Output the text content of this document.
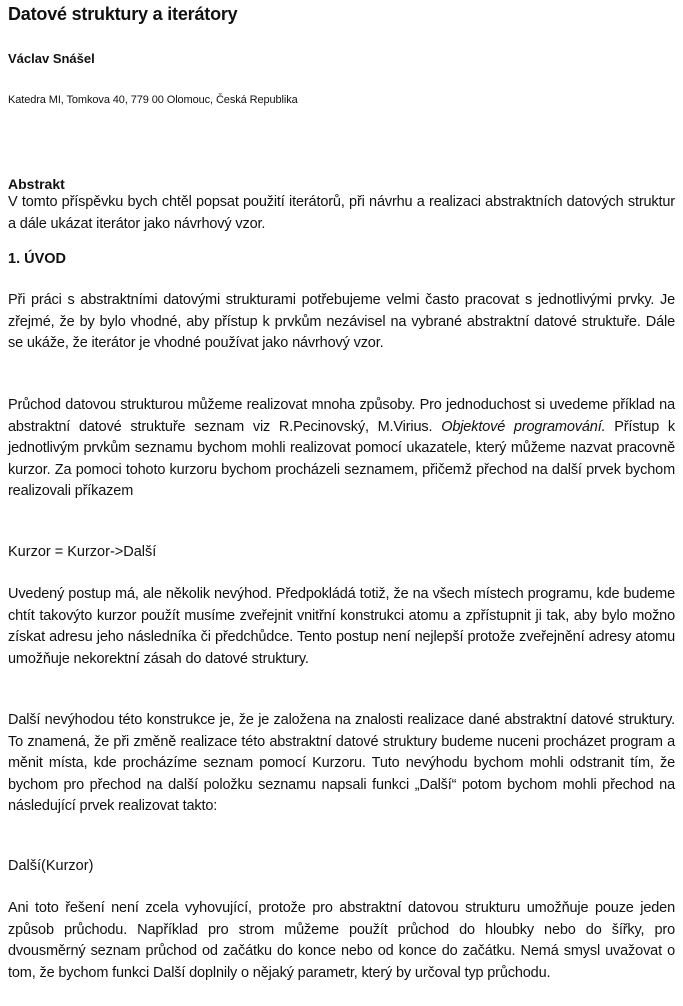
Datové struktury a iterátory
Václav Snášel
Katedra MI, Tomkova 40, 779 00 Olomouc, Česká Republika
Abstrakt
V tomto příspěvku bych chtěl popsat použití iterátorů, při návrhu a realizaci abstraktních datových struktur a dále ukázat iterátor jako návrhový vzor.
1. ÚVOD
Při práci s abstraktními datovými strukturami potřebujeme velmi často pracovat s jednotlivými prvky. Je zřejmé, že by bylo vhodné, aby přístup k prvkům nezávisel na vybrané abstraktní datové struktuře. Dále se ukáže, že iterátor je vhodné používat jako návrhový vzor.
Průchod datovou strukturou můžeme realizovat mnoha způsoby. Pro jednoduchost si uvedeme příklad na abstraktní datové struktuře seznam viz R.Pecinovský, M.Virius. Objektové programování. Přístup k jednotlivým prvkům seznamu bychom mohli realizovat pomocí ukazatele, který můžeme nazvat pracovně kurzor. Za pomoci tohoto kurzoru bychom procházeli seznamem, přičemž přechod na další prvek bychom realizovali příkazem
Kurzor = Kurzor->Další
Uvedený postup má, ale několik nevýhod. Předpokládá totiž, že na všech místech programu, kde budeme chtít takovýto kurzor použít musíme zveřejnit vnitřní konstrukci atomu a zpřístupnit ji tak, aby bylo možno získat adresu jeho následníka či předchůdce. Tento postup není nejlepší protože zveřejnění adresy atomu umožňuje nekorektní zásah do datové struktury.
Další nevýhodou této konstrukce je, že je založena na znalosti realizace dané abstraktní datové struktury. To znamená, že při změně realizace této abstraktní datové struktury budeme nuceni procházet program a měnit místa, kde procházíme seznam pomocí Kurzoru. Tuto nevýhodu bychom mohli odstranit tím, že bychom pro přechod na další položku seznamu napsali funkci „Další“ potom bychom mohli přechod na následující prvek realizovat takto:
Další(Kurzor)
Ani toto řešení není zcela vyhovující, protože pro abstraktní datovou strukturu umožňuje pouze jeden způsob průchodu. Například pro strom můžeme použít průchod do hloubky nebo do šířky, pro dvousměrný seznam průchod od začátku do konce nebo od konce do začátku. Nemá smysl uvažovat o tom, že bychom funkci Další doplnily o nějaký parametr, který by určoval typ průchodu.
